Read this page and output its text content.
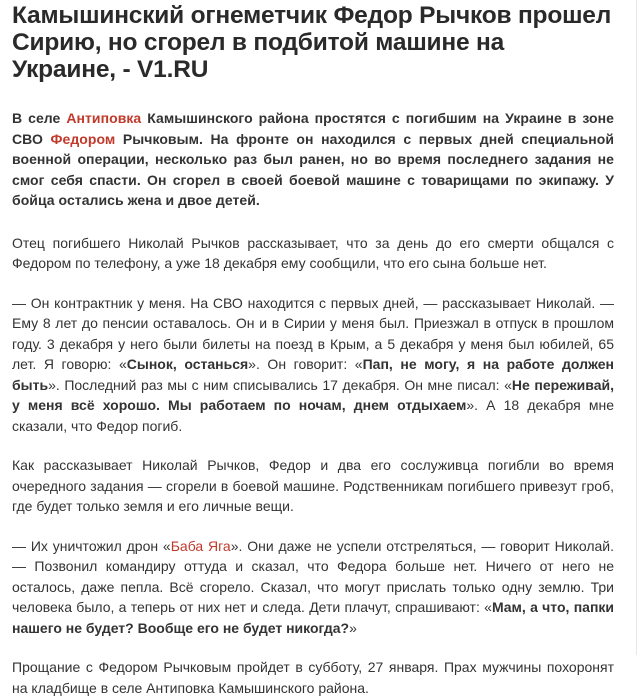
Камышинский огнеметчик Федор Рычков прошел Сирию, но сгорел в подбитой машине на Украине, - V1.RU

В селе Антиповка Камышинского района простятся с погибшим на Украине в зоне СВО Федором Рычковым. На фронте он находился с первых дней специальной военной операции, несколько раз был ранен, но во время последнего задания не смог себя спасти. Он сгорел в своей боевой машине с товарищами по экипажу. У бойца остались жена и двое детей.

Отец погибшего Николай Рычков рассказывает, что за день до его смерти общался с Федором по телефону, а уже 18 декабря ему сообщили, что его сына больше нет.

— Он контрактник у меня. На СВО находится с первых дней, — рассказывает Николай. — Ему 8 лет до пенсии оставалось. Он и в Сирии у меня был. Приезжал в отпуск в прошлом году. 3 декабря у него были билеты на поезд в Крым, а 5 декабря у меня был юбилей, 65 лет. Я говорю: «Сынок, останься». Он говорит: «Пап, не могу, я на работе должен быть». Последний раз мы с ним списывались 17 декабря. Он мне писал: «Не переживай, у меня всё хорошо. Мы работаем по ночам, днем отдыхаем». А 18 декабря мне сказали, что Федор погиб.

Как рассказывает Николай Рычков, Федор и два его сослуживца погибли во время очередного задания — сгорели в боевой машине. Родственникам погибшего привезут гроб, где будет только земля и его личные вещи.

— Их уничтожил дрон «Баба Яга». Они даже не успели отстреляться, — говорит Николай. — Позвонил командиру оттуда и сказал, что Федора больше нет. Ничего от него не осталось, даже пепла. Всё сгорело. Сказал, что могут прислать только одну землю. Три человека было, а теперь от них нет и следа. Дети плачут, спрашивают: «Мам, а что, папки нашего не будет? Вообще его не будет никогда?»

Прощание с Федором Рычковым пройдет в субботу, 27 января. Прах мужчины похоронят на кладбище в селе Антиповка Камышинского района.
